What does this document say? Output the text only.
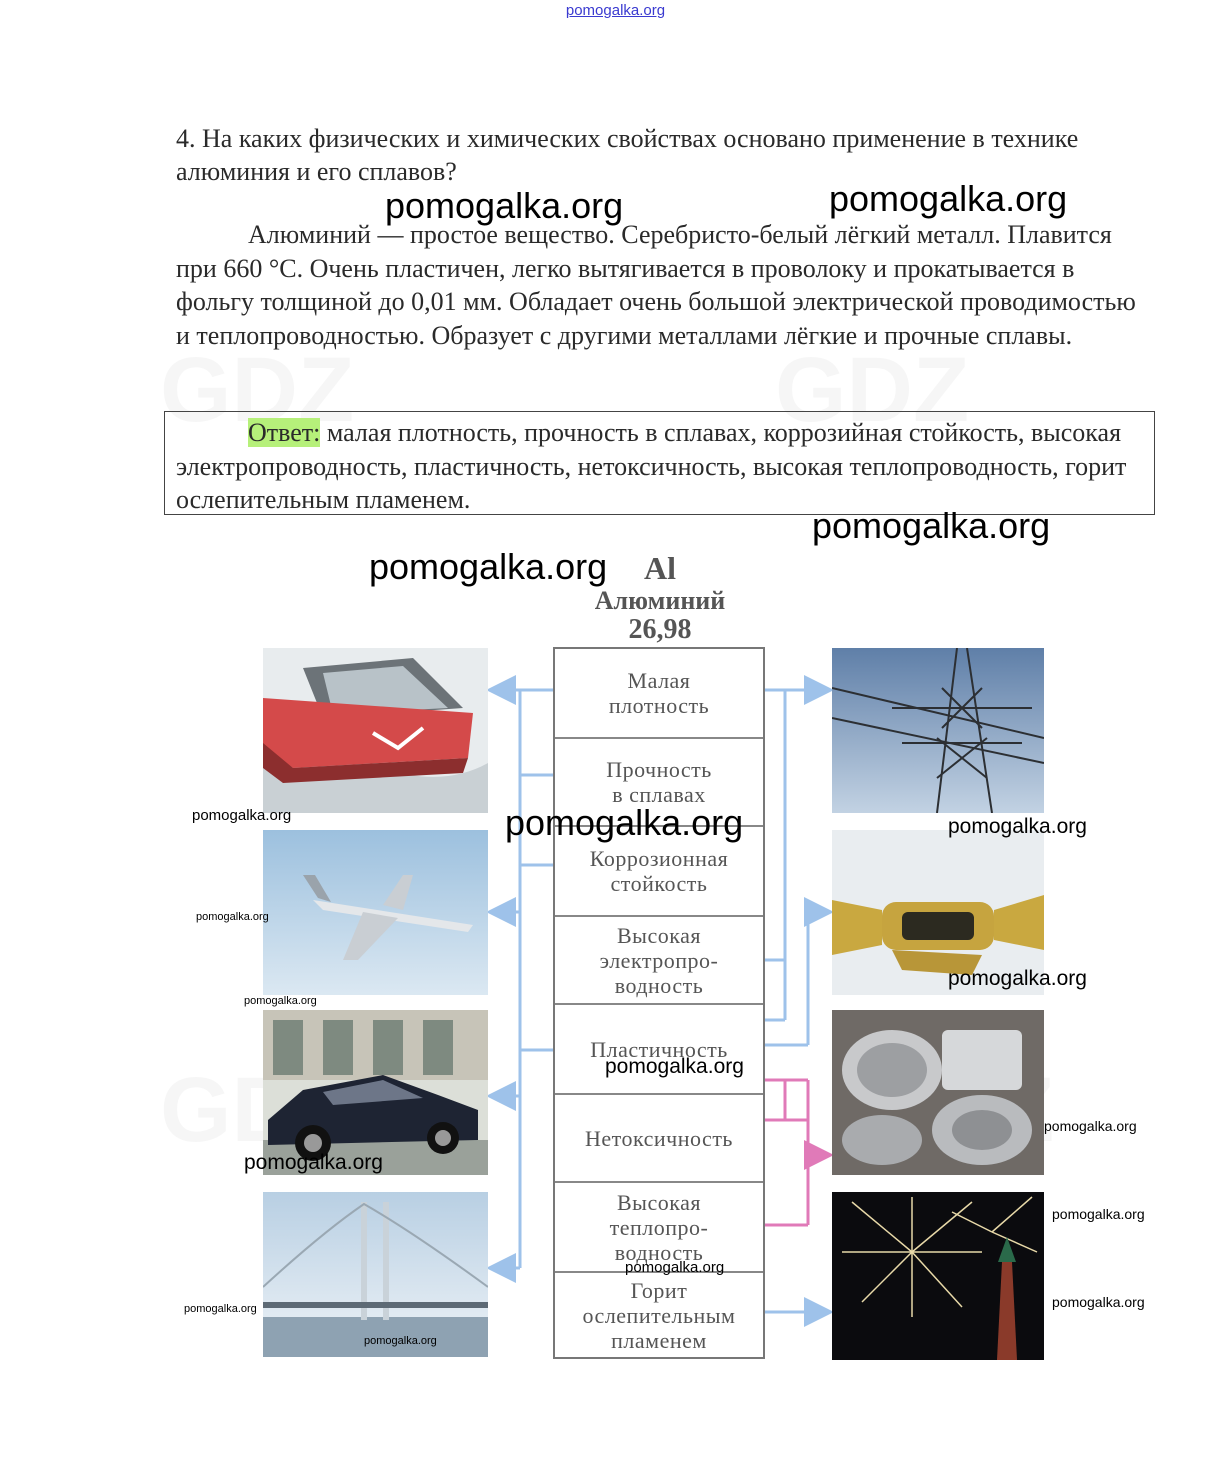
pomogalka.org
4. На каких физических и химических свойствах основано применение в технике алюминия и его сплавов?
Алюминий — простое вещество. Серебристо-белый лёгкий металл. Плавится при 660 °С. Очень пластичен, легко вытягивается в проволоку и прокатывается в фольгу толщиной до 0,01 мм. Обладает очень большой электрической проводимостью и теплопроводностью. Образует с другими металлами лёгкие и прочные сплавы.
Ответ: малая плотность, прочность в сплавах, коррозийная стойкость, высокая электропроводность, пластичность, нетоксичность, высокая теплопроводность, горит ослепительным пламенем.
Al
Алюминий
26,98
Малая
плотность
Прочность
в сплавах
Коррозионная
стойкость
Высокая
электропро-
водность
Пластичность
Нетоксичность
Высокая
теплопро-
водность
Горит
ослепительным
пламенем
pomogalka.org	pomogalka.org
pomogalka.org
pomogalka.org
pomogalka.org	pomogalka.org
pomogalka.org
pomogalka.org
pomogalka.org
pomogalka.org
pomogalka.org
pomogalka.org
pomogalka.org
pomogalka.org
pomogalka.org
pomogalka.org
pomogalka.org
pomogalka.org
